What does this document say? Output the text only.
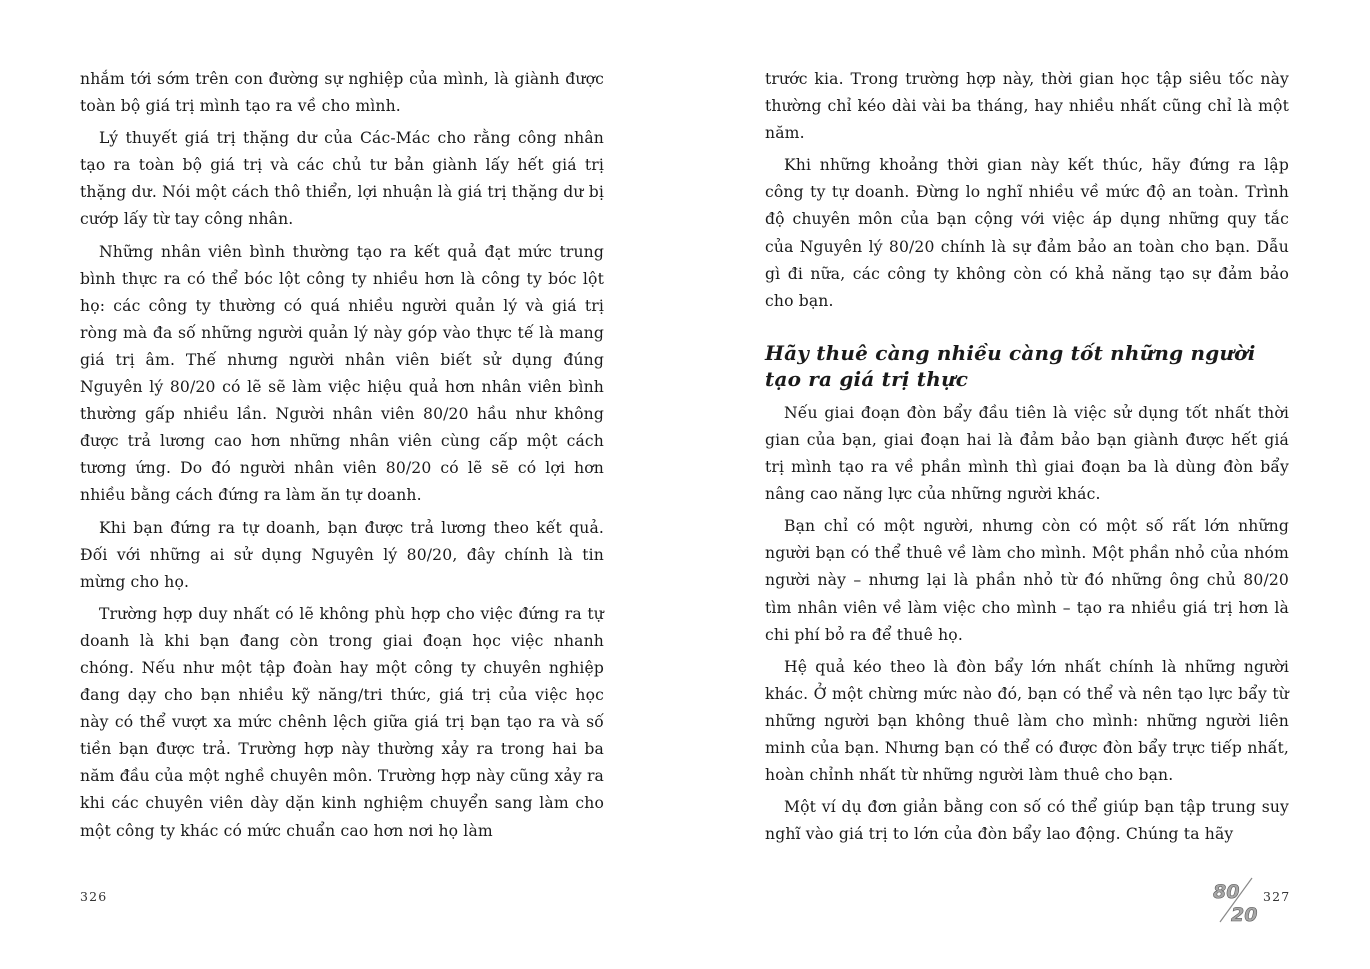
nhắm tới sớm trên con đường sự nghiệp của mình, là giành được toàn bộ giá trị mình tạo ra về cho mình.

Lý thuyết giá trị thặng dư của Các-Mác cho rằng công nhân tạo ra toàn bộ giá trị và các chủ tư bản giành lấy hết giá trị thặng dư. Nói một cách thô thiển, lợi nhuận là giá trị thặng dư bị cướp lấy từ tay công nhân.

Những nhân viên bình thường tạo ra kết quả đạt mức trung bình thực ra có thể bóc lột công ty nhiều hơn là công ty bóc lột họ: các công ty thường có quá nhiều người quản lý và giá trị ròng mà đa số những người quản lý này góp vào thực tế là mang giá trị âm. Thế nhưng người nhân viên biết sử dụng đúng Nguyên lý 80/20 có lẽ sẽ làm việc hiệu quả hơn nhân viên bình thường gấp nhiều lần. Người nhân viên 80/20 hầu như không được trả lương cao hơn những nhân viên cùng cấp một cách tương ứng. Do đó người nhân viên 80/20 có lẽ sẽ có lợi hơn nhiều bằng cách đứng ra làm ăn tự doanh.

Khi bạn đứng ra tự doanh, bạn được trả lương theo kết quả. Đối với những ai sử dụng Nguyên lý 80/20, đây chính là tin mừng cho họ.

Trường hợp duy nhất có lẽ không phù hợp cho việc đứng ra tự doanh là khi bạn đang còn trong giai đoạn học việc nhanh chóng. Nếu như một tập đoàn hay một công ty chuyên nghiệp đang dạy cho bạn nhiều kỹ năng/tri thức, giá trị của việc học này có thể vượt xa mức chênh lệch giữa giá trị bạn tạo ra và số tiền bạn được trả. Trường hợp này thường xảy ra trong hai ba năm đầu của một nghề chuyên môn. Trường hợp này cũng xảy ra khi các chuyên viên dày dặn kinh nghiệm chuyển sang làm cho một công ty khác có mức chuẩn cao hơn nơi họ làm

326

trước kia. Trong trường hợp này, thời gian học tập siêu tốc này thường chỉ kéo dài vài ba tháng, hay nhiều nhất cũng chỉ là một năm.

Khi những khoảng thời gian này kết thúc, hãy đứng ra lập công ty tự doanh. Đừng lo nghĩ nhiều về mức độ an toàn. Trình độ chuyên môn của bạn cộng với việc áp dụng những quy tắc của Nguyên lý 80/20 chính là sự đảm bảo an toàn cho bạn. Dẫu gì đi nữa, các công ty không còn có khả năng tạo sự đảm bảo cho bạn.

Hãy thuê càng nhiều càng tốt những người tạo ra giá trị thực

Nếu giai đoạn đòn bẩy đầu tiên là việc sử dụng tốt nhất thời gian của bạn, giai đoạn hai là đảm bảo bạn giành được hết giá trị mình tạo ra về phần mình thì giai đoạn ba là dùng đòn bẩy nâng cao năng lực của những người khác.

Bạn chỉ có một người, nhưng còn có một số rất lớn những người bạn có thể thuê về làm cho mình. Một phần nhỏ của nhóm người này – nhưng lại là phần nhỏ từ đó những ông chủ 80/20 tìm nhân viên về làm việc cho mình – tạo ra nhiều giá trị hơn là chi phí bỏ ra để thuê họ.

Hệ quả kéo theo là đòn bẩy lớn nhất chính là những người khác. Ở một chừng mức nào đó, bạn có thể và nên tạo lực bẩy từ những người bạn không thuê làm cho mình: những người liên minh của bạn. Nhưng bạn có thể có được đòn bẩy trực tiếp nhất, hoàn chỉnh nhất từ những người làm thuê cho bạn.

Một ví dụ đơn giản bằng con số có thể giúp bạn tập trung suy nghĩ vào giá trị to lớn của đòn bẩy lao động. Chúng ta hãy

80
20
327
